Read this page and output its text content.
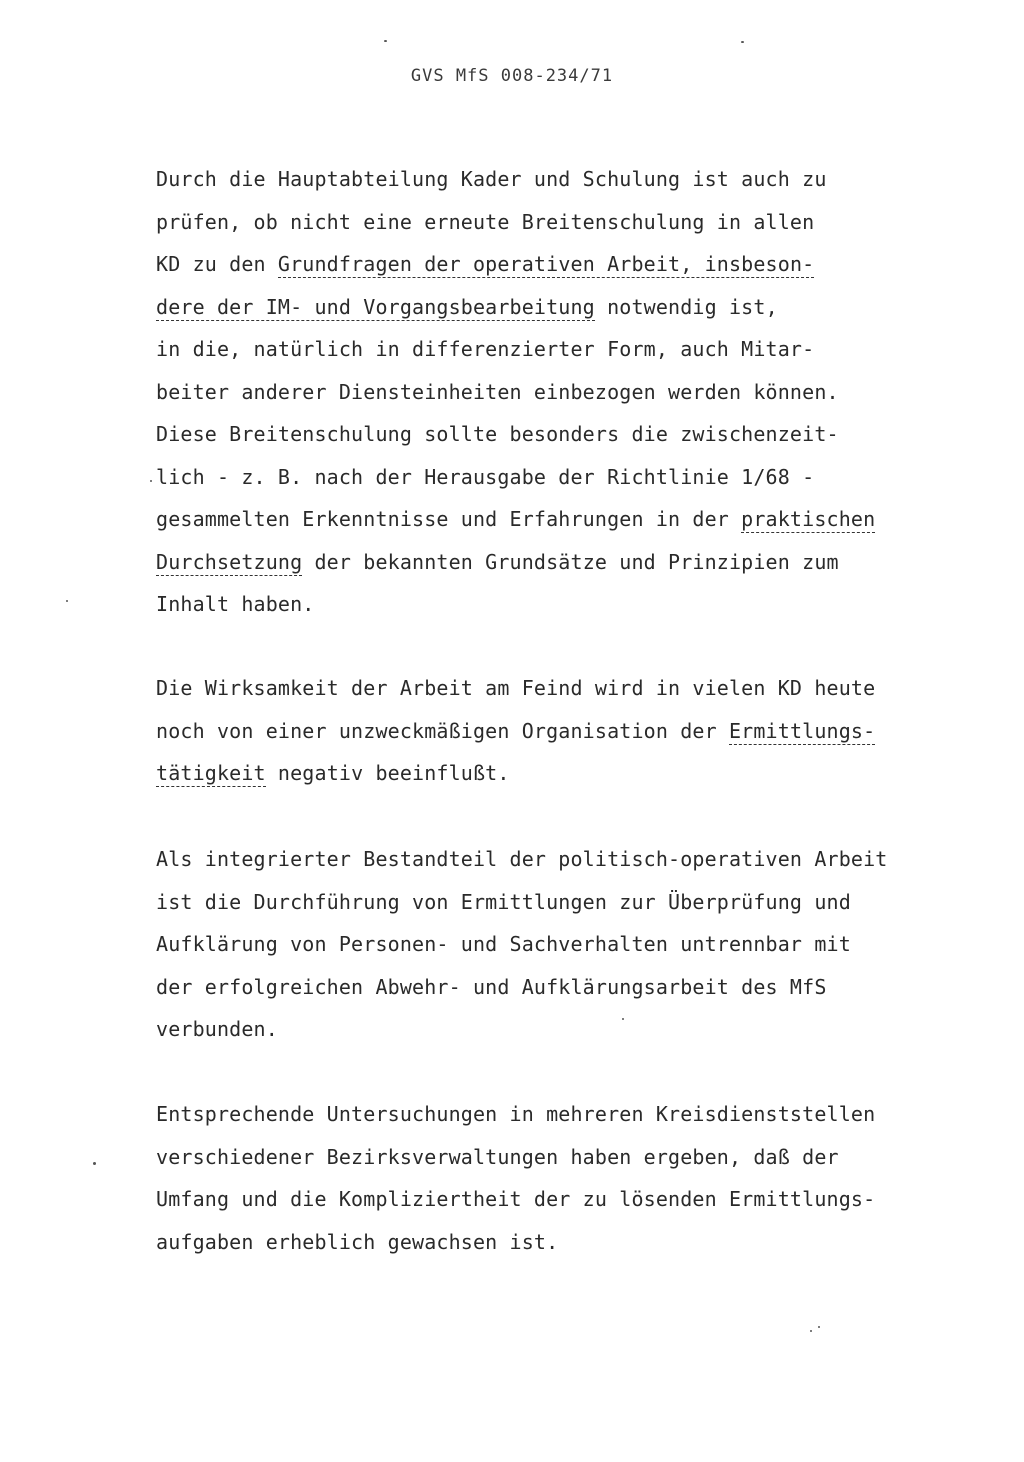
GVS MfS 008-234/71
Durch die Hauptabteilung Kader und Schulung ist auch zu
prüfen, ob nicht eine erneute Breitenschulung in allen
KD zu den Grundfragen der operativen Arbeit, insbeson-
dere der IM- und Vorgangsbearbeitung notwendig ist,
in die, natürlich in differenzierter Form, auch Mitar-
beiter anderer Diensteinheiten einbezogen werden können.
Diese Breitenschulung sollte besonders die zwischenzeit-
lich - z. B. nach der Herausgabe der Richtlinie 1/68 -
gesammelten Erkenntnisse und Erfahrungen in der praktischen
Durchsetzung der bekannten Grundsätze und Prinzipien zum
Inhalt haben.
Die Wirksamkeit der Arbeit am Feind wird in vielen KD heute
noch von einer unzweckmäßigen Organisation der Ermittlungs-
tätigkeit negativ beeinflußt.
Als integrierter Bestandteil der politisch-operativen Arbeit
ist die Durchführung von Ermittlungen zur Überprüfung und
Aufklärung von Personen- und Sachverhalten untrennbar mit
der erfolgreichen Abwehr- und Aufklärungsarbeit des MfS
verbunden.
Entsprechende Untersuchungen in mehreren Kreisdienststellen
verschiedener Bezirksverwaltungen haben ergeben, daß der
Umfang und die Kompliziertheit der zu lösenden Ermittlungs-
aufgaben erheblich gewachsen ist.
